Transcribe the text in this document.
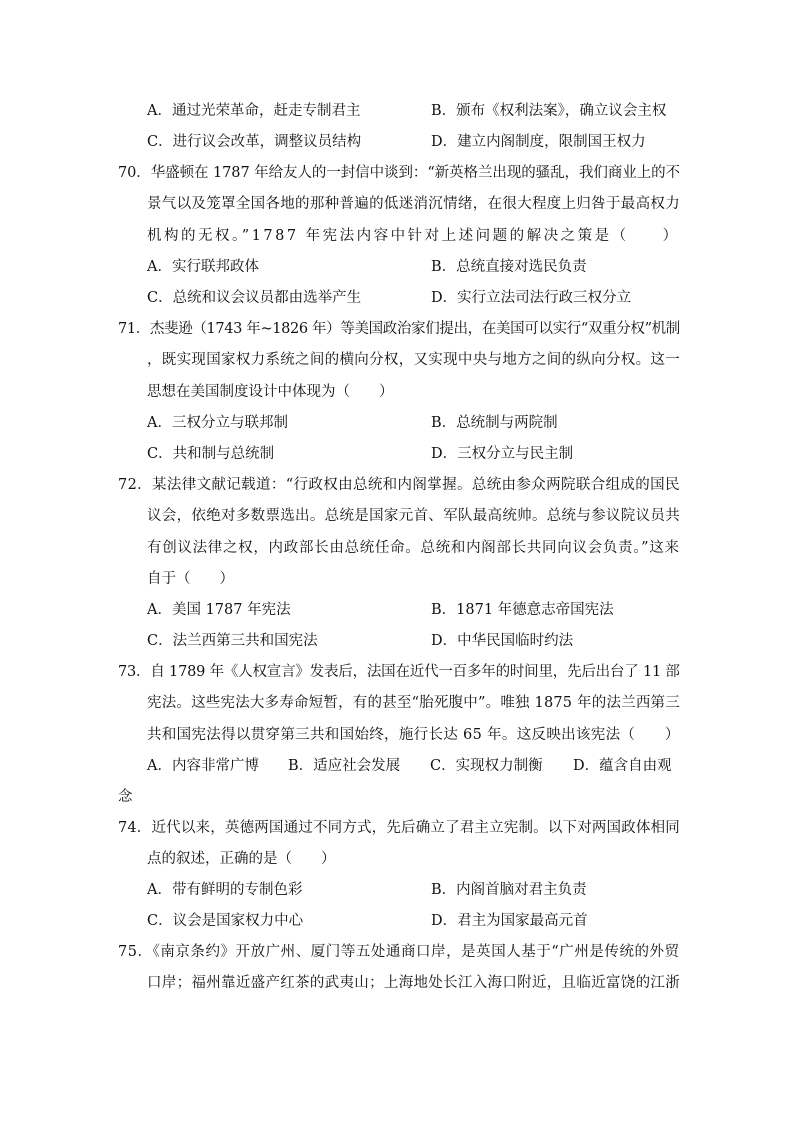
A．通过光荣革命，赶走专制君主	B．颁布《权利法案》，确立议会主权
C．进行议会改革，调整议员结构	D．建立内阁制度，限制国王权力
70．华盛顿在 1787 年给友人的一封信中谈到：“新英格兰出现的骚乱，我们商业上的不
景气以及笼罩全国各地的那种普遍的低迷消沉情绪，在很大程度上归咎于最高权力
机构的无权。”1787 年宪法内容中针对上述问题的解决之策是（　　）
A．实行联邦政体	B．总统直接对选民负责
C．总统和议会议员都由选举产生	D．实行立法司法行政三权分立
71．杰斐逊（1743 年~1826 年）等美国政治家们提出，在美国可以实行“双重分权”机制
，既实现国家权力系统之间的横向分权，又实现中央与地方之间的纵向分权。这一
思想在美国制度设计中体现为（　　）
A．三权分立与联邦制	B．总统制与两院制
C．共和制与总统制	D．三权分立与民主制
72．某法律文献记载道：“行政权由总统和内阁掌握。总统由参众两院联合组成的国民
议会，依绝对多数票选出。总统是国家元首、军队最高统帅。总统与参议院议员共
有创议法律之权，内政部长由总统任命。总统和内阁部长共同向议会负责。”这来
自于（　　）
A．美国 1787 年宪法	B．1871 年德意志帝国宪法
C．法兰西第三共和国宪法	D．中华民国临时约法
73．自 1789 年《人权宣言》发表后，法国在近代一百多年的时间里，先后出台了 11 部
宪法。这些宪法大多寿命短暂，有的甚至“胎死腹中”。唯独 1875 年的法兰西第三
共和国宪法得以贯穿第三共和国始终，施行长达 65 年。这反映出该宪法（　　）
A．内容非常广博 B．适应社会发展 C．实现权力制衡 D．蕴含自由观
念
74．近代以来，英德两国通过不同方式，先后确立了君主立宪制。以下对两国政体相同
点的叙述，正确的是（　　）
A．带有鲜明的专制色彩	B．内阁首脑对君主负责
C．议会是国家权力中心	D．君主为国家最高元首
75．《南京条约》开放广州、厦门等五处通商口岸，是英国人基于“广州是传统的外贸
口岸；福州靠近盛产红茶的武夷山；上海地处长江入海口附近，且临近富饶的江浙
